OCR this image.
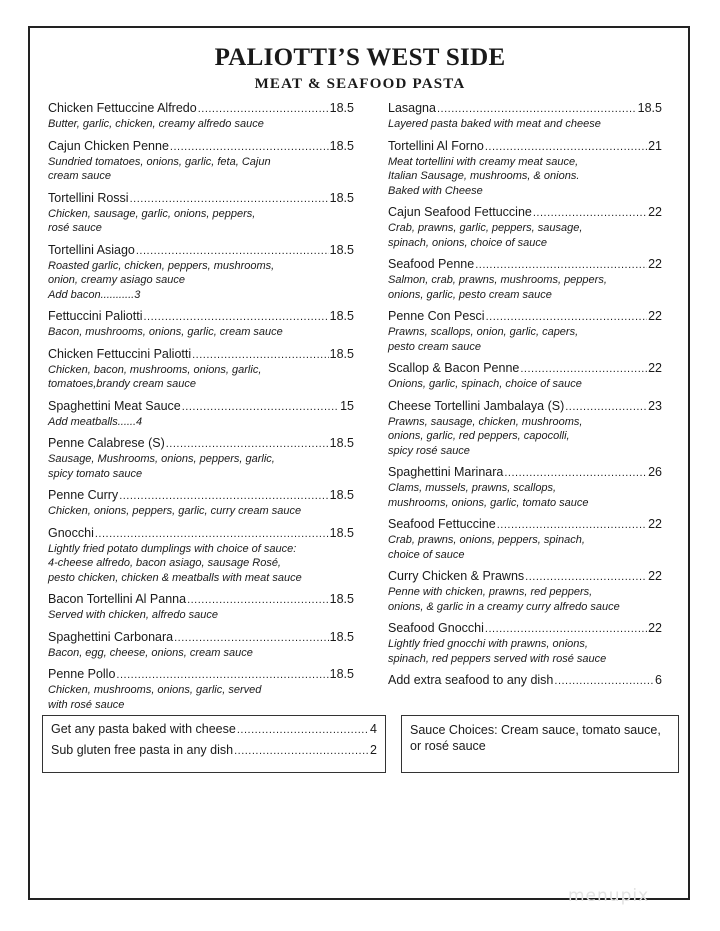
PALIOTTI’S WEST SIDE
MEAT & SEAFOOD PASTA
Chicken Fettuccine Alfredo .....	18.5
Butter, garlic, chicken, creamy alfredo sauce
Cajun Chicken Penne .....	18.5
Sundried tomatoes, onions, garlic, feta, Cajun
cream sauce
Tortellini Rossi .....	18.5
Chicken, sausage, garlic, onions, peppers,
rosé sauce
Tortellini Asiago .....	18.5
Roasted garlic, chicken, peppers, mushrooms,
onion, creamy asiago sauce
Add bacon...........3
Fettuccini Paliotti .....	18.5
Bacon, mushrooms, onions, garlic, cream sauce
Chicken Fettuccini Paliotti .....	18.5
Chicken, bacon, mushrooms, onions, garlic,
tomatoes,brandy cream sauce
Spaghettini Meat Sauce .....	15
Add meatballs......4
Penne Calabrese (S) .....	18.5
Sausage, Mushrooms, onions, peppers, garlic,
spicy tomato sauce
Penne Curry .....	18.5
Chicken, onions, peppers, garlic, curry cream sauce
Gnocchi .....	18.5
Lightly fried potato dumplings with choice of sauce:
4-cheese alfredo, bacon asiago, sausage Rosé,
pesto chicken, chicken & meatballs with meat sauce
Bacon Tortellini Al Panna .....	18.5
Served with chicken, alfredo sauce
Spaghettini Carbonara .....	18.5
Bacon, egg, cheese, onions, cream sauce
Penne Pollo .....	18.5
Chicken, mushrooms, onions, garlic, served
with rosé sauce
Lasagna .....	18.5
Layered pasta baked with meat and cheese
Tortellini Al Forno .....	21
Meat tortellini with creamy meat sauce,
Italian Sausage, mushrooms, & onions.
Baked with Cheese
Cajun Seafood Fettuccine .....	22
Crab, prawns, garlic, peppers, sausage,
spinach, onions, choice of sauce
Seafood Penne .....	22
Salmon, crab, prawns, mushrooms, peppers,
onions, garlic, pesto cream sauce
Penne Con Pesci .....	22
Prawns, scallops, onion, garlic, capers,
pesto cream sauce
Scallop & Bacon Penne .....	22
Onions, garlic, spinach, choice of sauce
Cheese Tortellini Jambalaya (S) .....	23
Prawns, sausage, chicken, mushrooms,
onions, garlic, red peppers, capocolli,
spicy rosé sauce
Spaghettini Marinara .....	26
Clams, mussels, prawns, scallops,
mushrooms, onions, garlic, tomato sauce
Seafood Fettuccine .....	22
Crab, prawns, onions, peppers, spinach,
choice of sauce
Curry Chicken & Prawns .....	22
Penne with chicken, prawns, red peppers,
onions, & garlic in a creamy curry alfredo sauce
Seafood Gnocchi .....	22
Lightly fried gnocchi with prawns, onions,
spinach, red peppers served with rosé sauce
Add extra seafood to any dish .....	6
Get any pasta baked with cheese .....	4
Sub gluten free pasta in any dish .....	2
Sauce Choices: Cream sauce, tomato sauce, or rosé sauce
menupix
